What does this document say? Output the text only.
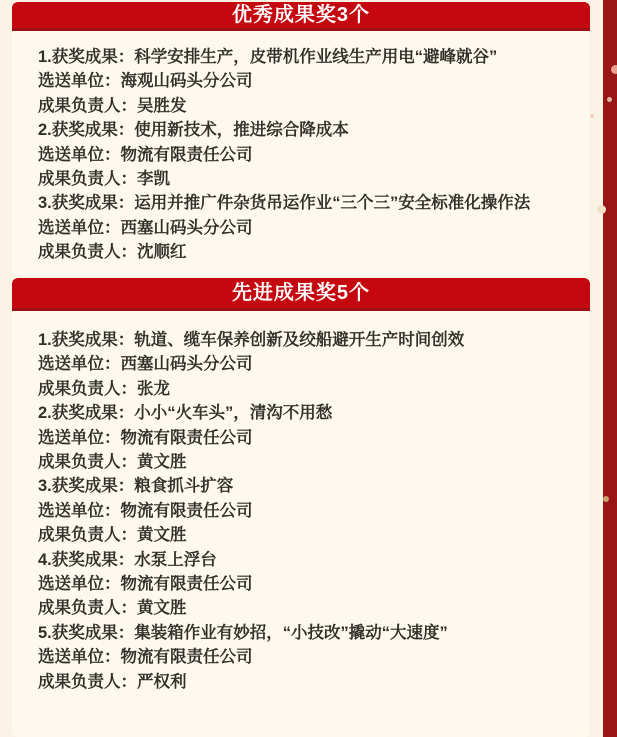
优秀成果奖3个

1.获奖成果：科学安排生产，皮带机作业线生产用电“避峰就谷”

选送单位：海观山码头分公司

成果负责人：吴胜发

2.获奖成果：使用新技术，推进综合降成本

选送单位：物流有限责任公司

成果负责人：李凯

3.获奖成果：运用并推广件杂货吊运作业“三个三”安全标准化操作法

选送单位：西塞山码头分公司

成果负责人：沈顺红

先进成果奖5个

1.获奖成果：轨道、缆车保养创新及绞船避开生产时间创效

选送单位：西塞山码头分公司

成果负责人：张龙

2.获奖成果：小小“火车头”，清沟不用愁

选送单位：物流有限责任公司

成果负责人：黄文胜

3.获奖成果：粮食抓斗扩容

选送单位：物流有限责任公司

成果负责人：黄文胜

4.获奖成果：水泵上浮台

选送单位：物流有限责任公司

成果负责人：黄文胜

5.获奖成果：集装箱作业有妙招，“小技改”撬动“大速度”

选送单位：物流有限责任公司

成果负责人：严权利
